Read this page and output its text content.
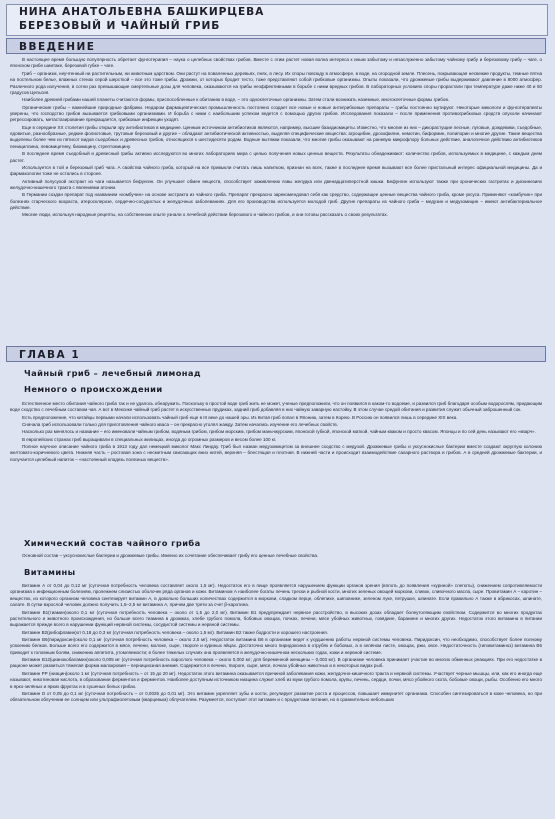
НИНА АНАТОЛЬЕВНА БАШКИРЦЕВА
БЕРЕЗОВЫЙ И ЧАЙНЫЙ ГРИБ
ВВЕДЕНИЕ

В настоящее время большую популярность обретает фунготерапия – наука о целебных свойствах грибов. Вместе с этим растет новая волна интереса к иным забытому и незаслуженно забытому чайному грибу и березовому грибу – чаге, о японском грибе шиитаке, березовой губке – чаге.

Гриб – организм, неучтенный ни растительным, ни животным царством. Они растут на поваленных деревьях, пнях, в лесу. Их споры повсюду в атмосфере, в воде, на огородной земле. Плесень, покрывающая несвежие продукты, темные пятна на постельном белье, влажных стенах серой шерсткой – все это тоже грибы. Дрожжи, от которых бродит тесто, тоже представляют собой грибковые организмы. Опыты показали, что дрожжевые грибы выдерживают давление в 8000 атмосфер. Различного рода излучения, в сотни раз превышающие смертельные дозы для человека, оказываются на грибы неэффективными в борьбе с ними вредных грибов. В лабораторных условиях споры прорастали при температуре даже ниже 40 и 50 градусов Цельсия.

Наиболее древней грибами нашей планеты считаются формы, приспособленные к обитанию в воде, – это одноклеточные организмы. Затем стали возникать наземные, многоклеточные формы грибов.

Органические грибы – важнейшие природные фабрики. Недаром фармацевтическая промышленность постоянно создает все новые и новые антигрибковые препараты – грибы постоянно мутируют. Некоторые микологи и фунготерапевты уверены, что господство грибов вызывается грибковыми организмами. И борьба с ними с наибольшим успехом ведется с помощью других грибов. Исследования показали – после применения противогрибковых средств опухоли начинают регрессировать, метастазирование прекращается, грибковые инфекции уходят.

Еще в середине XX столетия грибы открыли эру антибиотиков в медицине. Ценным источником антибиотиков являются, например, высшие базидиомицеты. Известно, что многие из них – дикорастущие лесные, луговые, дождевики, съедобные, ядовитые, разнообразные, редкие фолиотовые, трутовые березовый и другие – обладают антибиотической активностью, выделяя специфические вещества: агроцибин, дрозофилин, немотин, биформин, полипорин и многие другие. Такие вещества выделены более чем из пятисот видов съедобных и древесных грибов, относящихся к шестидесяти родам. Водные вытяжки показали, что многие грибы оказывают на раневую микрофлору больных действие, аналогичное действию антибиотиков пенициллина, левомицетину, биомицину, стрептомицину.

В последнее время съедобный и древесный грибы активно исследуются во многих лабораториях мира с целью получения новых ценных веществ. Результаты обнадеживают: количество грибов, используемых в медицине, с каждым днем растет.

Используется в той и березовый гриб чага. А свойства чайного гриба, который на все привыкли считать лишь напитком, признан на всех, также в последнее время вызывают все более пристальный интерес официальной медицины. Да и фармакологии тоже не остались в стороне.

Активный полусухой экстракт из чаги называется бефунгин. Он улучшает обмен веществ, способствует заживлению язвы желудка или двенадцатиперстной кишки. Бефунгин используют также при хронических гастритах и дискинезиях желудочно-кишечного тракта с явлениями атонии.

В Германии создан препарат под названием «комбучин» на основе экстракта из чайного гриба. Препарат прекрасно зарекомендовал себя как средство, содержащее ценные вещества чайного гриба, кроме уксуса. Применяют «комбучин» при болезнях старческого возраста, атеросклерозе, сердечно-сосудистых и желудочных заболеваниях. Для его производства используется молодой гриб. Другие препараты из чайного гриба – медузин и медузомицин – имеют антибактериальное действие.

Многие люди, используя народные рецепты, на собственном опыте узнали о лечебной действии березового и чайного грибов, и они готовы рассказать о своих результатах.

ГЛАВА 1
Чайный гриб – лечебный лимонад
Немного о происхождении

Естественное место обитания чайного гриба так и не удалось обнаружить. Поскольку в простой воде гриб жить не может, ученые предположили, что он появился в каком-то водоеме, и развился гриб благодаря особым водорослям, придающим воде сходство с лечебным составом чая. А вот в Мексике чайный гриб растет в искусственных прудиках, задний гриб добавляя в них чайную заварную настойку. В этом случае средой обитания и развития служит обычный заброшенный сок.

Есть предположение, что китайцы первыми начали использовать чайный гриб еще в III веке до нашей эры. Из Китая гриб попал в Японию, затем в Корею. В Россию он появился лишь в середине XIX века.

Сначала гриб использовали только для приготовления чайного кваса – он прекрасно утолял жажду. Затем начались изучение его лечебных свойств.

Насколько раз менялось и название – его именовали чайным грибом, водяным грибом, грибом морским, грибом маньчжурским, японской губкой, японской маткой, чайным кваком и просто квасом. Японцы и по сей день называют его «кварч».

В европейских странах гриб выращивали в специальных жилищах, иногда до огромных размеров и весом более 100 кг.

Полное научное описание чайного гриба в 1913 году дал немецкий миколог Макс Линдау. Гриб был назван медузомицетом за внешнее сходство с медузой. Дрожжевые грибы и уксуснокислые бактерии вместе создают округлую колонию желтовато-коричневого цвета. Нижняя часть – ростовая зона с несметным свисающих вниз нитей, верхняя – блестящая и плотная. В нижней части и происходит взаимодействие сахарного раствора и грибов. А в средней дрожжевые бактерии, и получается целебный напиток – «настоянный кладезь полезных веществ».

Химический состав чайного гриба

Основной состав – уксуснокислые бактерии и дрожжевые грибы. Именно их сочетание обеспечивает грибу его ценные лечебные свойства.

Витамины

Витамин А от 0,04 до 0,12 мг (суточная потребность человека составляет около 1,5 мг). Недостаток его в пище проявляется нарушением функции органов зрения (вплоть до появления «куриной» слепоты), снижением сопротивляемости организма к инфекционным болезням, пролежнем слизистых оболочек ряда органов и кожи. Витамином А наиболее богаты печень трески и рыбной кости, многих зеленых овощей моркови, сливок, сливочного масла, сыре. Провитамин А – каротин – вещество, из которого организм человека синтезирует витамин А, в довольно больших количествах содержится в моркови, сладком перце, облепихе, шиповнике, зеленом луке, петрушке, шпинате. Если правильно А также в абрикосах, шпинате, салате. В сутки взрослой человек должно получить 1,5–2,5 мг витамина А, причем две трети за счет β-каротина.

Витамин В1(тиамин)около 0,1 мг (суточная потребность человека – около от 1,5 до 2,0 мг). Витамин В1 предупреждает нервное расстройство, в высоких дозах обладает болеутоляющим свойством. Содержится во многих продуктах растительного и животного происхождения, но больше всего тиамина в дрожжах, хлебе грубого помола, бобовых овощах, почках, печени, мясе убойных животных, говядине, баранине и многих других. Недостаток этого витамина в питании выражается прежде всего в нарушении функций нервной системы, сосудистой системы и нервной системы.

Витамин В2(рибофлавин)от 0,18 до 0,3 мг (суточная потребность человека – около 1,5 мг). Витамин В2 также бодрости и хорошего настроения.

Витамин В6(пиридоксин)около 0,1 мг (суточная потребность человека – около 2,5 мг). Недостаток витамина В6 в организме ведет к ухудшению работы нервной системы человека. Пиридоксин, что необходимо, способствует более полному усвоению белков. Больше всего его содержится в мясе, печени, молоке, сыре, твороге и куриных яйцах. Достаточно много пиридоксина в отрубях и бобовых, а в зелёном листе, овощах, ржи, овсе. Недостаточность (гиповитаминоз) витамина В6 приводит к головным болям, снижению аппетита, утомляемости; в более тяжелых случаях она проявляется в желудочно-кишечном нескольких годах, кожи и нервной системе.

Витамин В12(цианокобаламин)около 0,005 мг (суточная потребность взрослого человека – около 0,002 мг; для беременной женщины – 0,003 мг). В организме человека принимает участие во многих обменных реакциях. При его недостатке в рационе может развиться тяжелая форма малокровия – пернициозная анемия. Содержится в печени, твороге, сыре, мясе, почках убойных животных и в некоторых видах рыб.

Витамин РР (ниацин)около 1 мг (суточная потребность – от 15 до 20 мг). Недостаток этого витамина оказывается причиной заболевания кожи, желудочно-кишечного тракта и нервной системы. Участвует черные мышцы, или, как его иногда еще называют, никотиновая кислота, в образовании ферментов и ферментов. Наиболее доступным источником ниацина служит хлеб из муки грубого помола, крупы, печень, сердце, почки, мясо убойного скота, бобовые овощи, рыбы. Особенно его много в ярко-зелёных и ярких фруктах и в сушеных белых грибах.

Витамин D от 0,05 до 0,1 мг (суточная потребность – от 0,0025 до 0,01 мг). Это витамин укрепляет зубы и кости, регулирует развитие роста и процессов, повышает иммунитет организма. Способен синтезироваться в коже человека, но при обязательном облучении ее солнцем или ультрафиолетовым (кварцевым) облучателем. Разумеется, поступает этот витамин и с продуктами питания, но в сравнительно небольших
